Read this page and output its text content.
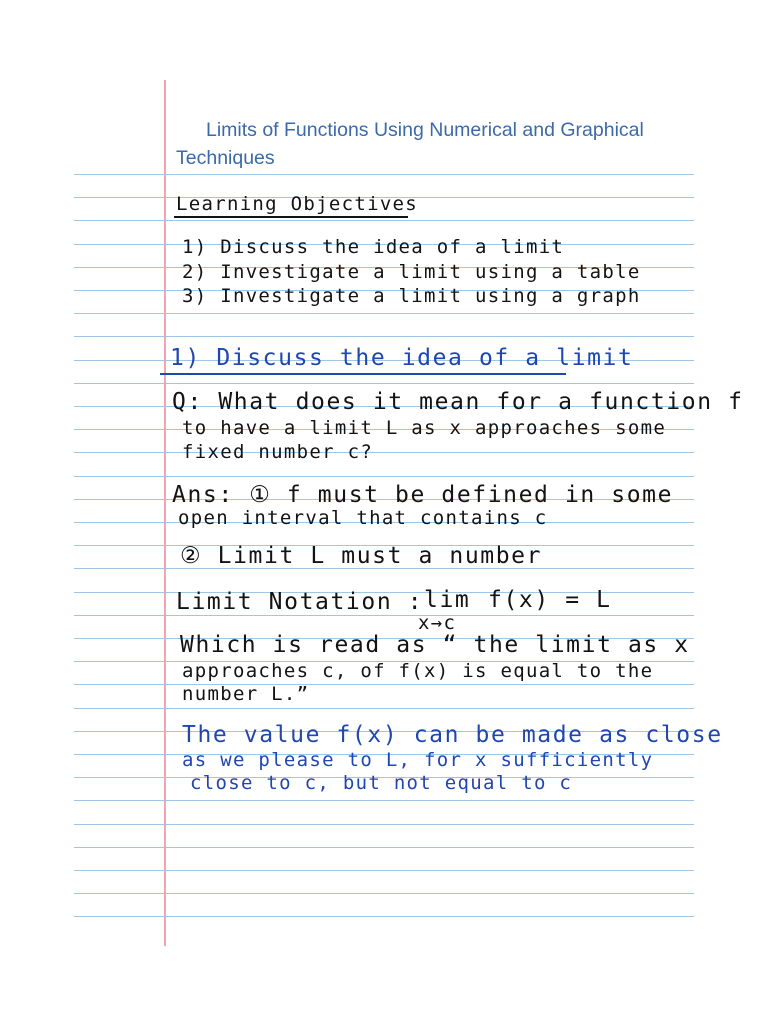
Limits of Functions Using Numerical and Graphical Techniques
Learning Objectives
1) Discuss the idea of a limit
2) Investigate a limit using a table
3) Investigate a limit using a graph
1) Discuss the idea of a limit
Q: What does it mean for a function f
to have a limit L as x approaches some
fixed number c?
Ans: ① f must be defined in some
open interval that contains c
② Limit L must a number
Limit Notation : lim
x→c
f(x) = L
Which is read as “ the limit as x
approaches c, of f(x) is equal to the
number L.”
The value f(x) can be made as close
as we please to L, for x sufficiently
close to c, but not equal to c
